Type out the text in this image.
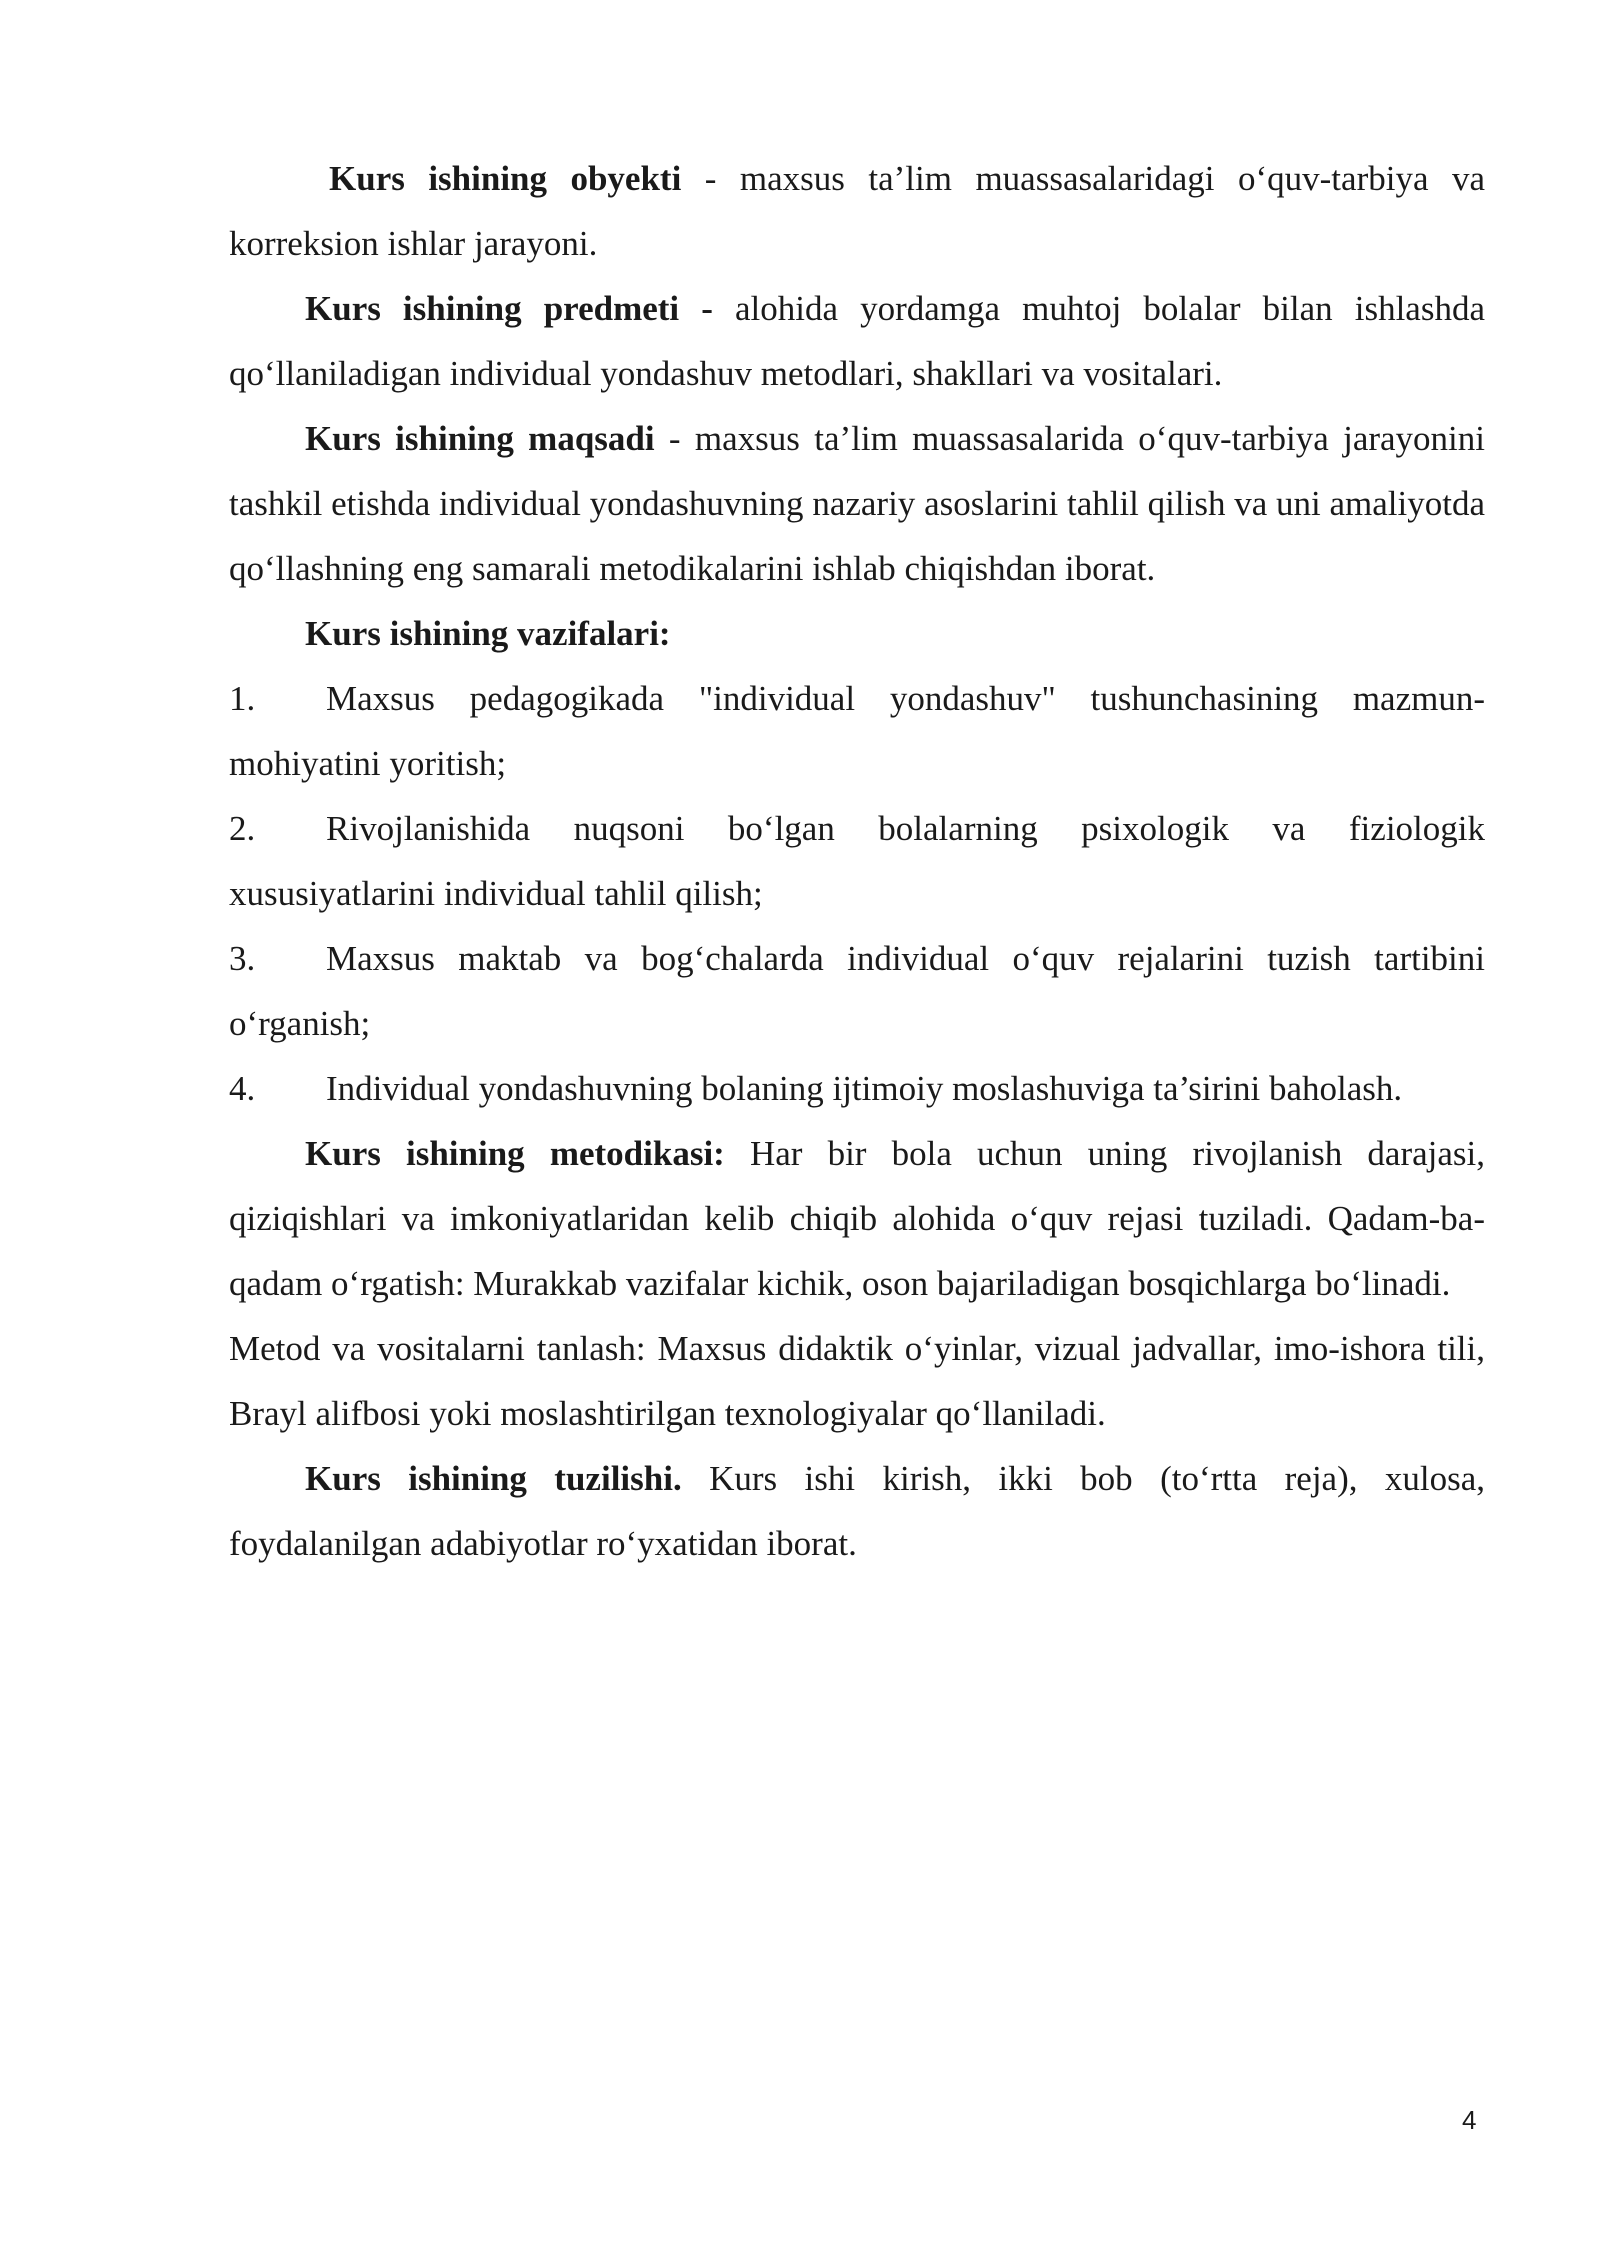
Kurs ishining obyekti - maxsus ta’lim muassasalaridagi o‘quv-tarbiya va korreksion ishlar jarayoni.

Kurs ishining predmeti - alohida yordamga muhtoj bolalar bilan ishlashda qo‘llaniladigan individual yondashuv metodlari, shakllari va vositalari.

Kurs ishining maqsadi - maxsus ta’lim muassasalarida o‘quv-tarbiya jarayonini tashkil etishda individual yondashuvning nazariy asoslarini tahlil qilish va uni amaliyotda qo‘llashning eng samarali metodikalarini ishlab chiqishdan iborat.

Kurs ishining vazifalari:

1. Maxsus pedagogikada "individual yondashuv" tushunchasining mazmun-mohiyatini yoritish;

2. Rivojlanishida nuqsoni bo‘lgan bolalarning psixologik va fiziologik xususiyatlarini individual tahlil qilish;

3. Maxsus maktab va bog‘chalarda individual o‘quv rejalarini tuzish tartibini o‘rganish;

4. Individual yondashuvning bolaning ijtimoiy moslashuviga ta’sirini baholash.

Kurs ishining metodikasi: Har bir bola uchun uning rivojlanish darajasi, qiziqishlari va imkoniyatlaridan kelib chiqib alohida o‘quv rejasi tuziladi. Qadam-ba-qadam o‘rgatish: Murakkab vazifalar kichik, oson bajariladigan bosqichlarga bo‘linadi.

Metod va vositalarni tanlash: Maxsus didaktik o‘yinlar, vizual jadvallar, imo-ishora tili, Brayl alifbosi yoki moslashtirilgan texnologiyalar qo‘llaniladi.

Kurs ishining tuzilishi. Kurs ishi kirish, ikki bob (to‘rtta reja), xulosa, foydalanilgan adabiyotlar ro‘yxatidan iborat.

4
